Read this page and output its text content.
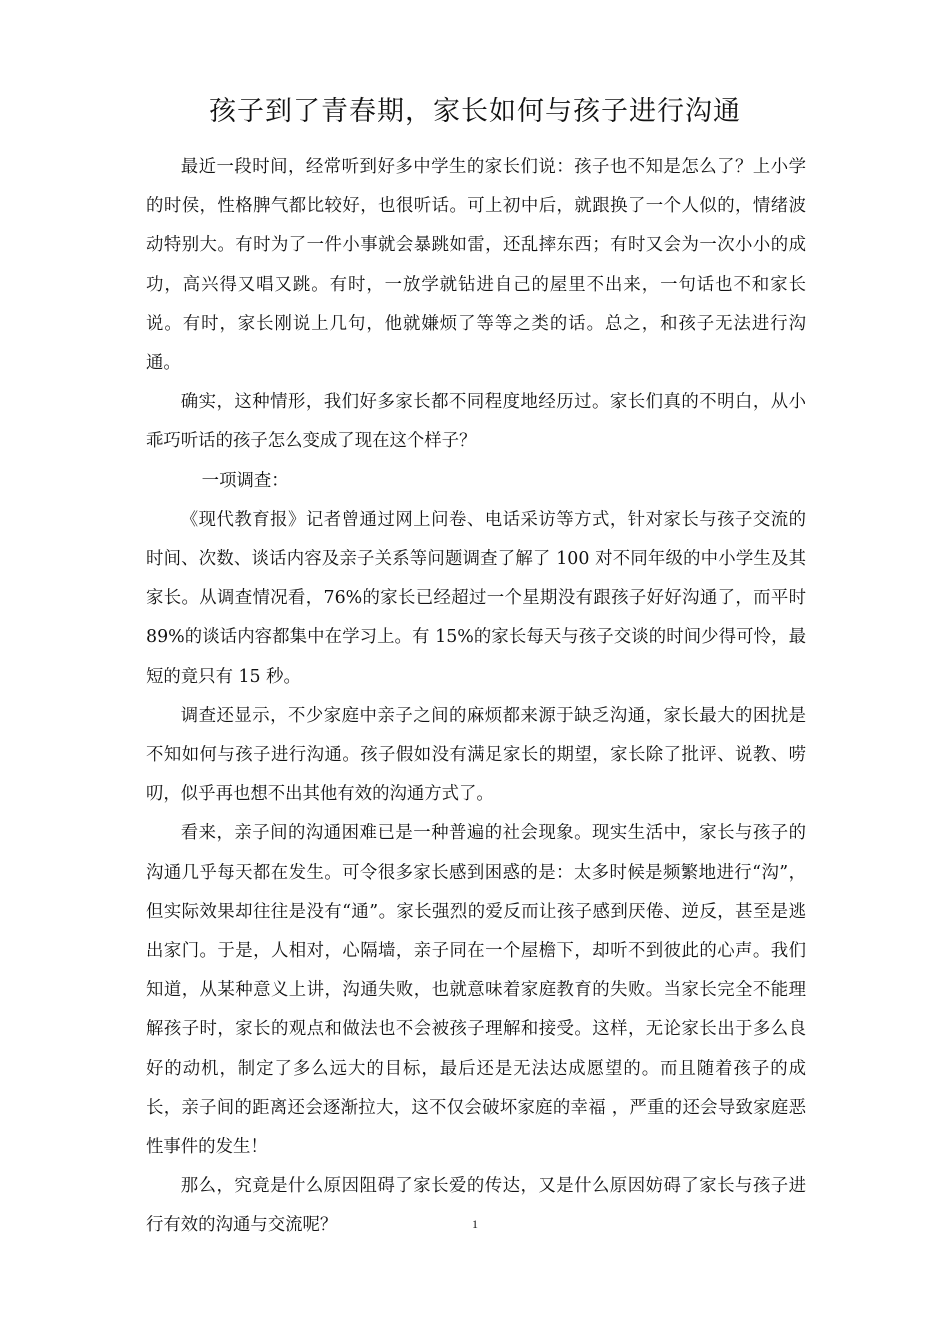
孩子到了青春期，家长如何与孩子进行沟通

最近一段时间，经常听到好多中学生的家长们说：孩子也不知是怎么了？上小学的时侯，性格脾气都比较好，也很听话。可上初中后，就跟换了一个人似的，情绪波动特别大。有时为了一件小事就会暴跳如雷，还乱摔东西；有时又会为一次小小的成功，高兴得又唱又跳。有时，一放学就钻进自己的屋里不出来，一句话也不和家长说。有时，家长刚说上几句，他就嫌烦了等等之类的话。总之，和孩子无法进行沟通。

确实，这种情形，我们好多家长都不同程度地经历过。家长们真的不明白，从小乖巧听话的孩子怎么变成了现在这个样子？

一项调查：

《现代教育报》记者曾通过网上问卷、电话采访等方式，针对家长与孩子交流的时间、次数、谈话内容及亲子关系等问题调查了解了 100 对不同年级的中小学生及其家长。从调查情况看，76%的家长已经超过一个星期没有跟孩子好好沟通了，而平时 89%的谈话内容都集中在学习上。有 15%的家长每天与孩子交谈的时间少得可怜，最短的竟只有 15 秒。

调查还显示，不少家庭中亲子之间的麻烦都来源于缺乏沟通，家长最大的困扰是不知如何与孩子进行沟通。孩子假如没有满足家长的期望，家长除了批评、说教、唠叨，似乎再也想不出其他有效的沟通方式了。

看来，亲子间的沟通困难已是一种普遍的社会现象。现实生活中，家长与孩子的沟通几乎每天都在发生。可令很多家长感到困惑的是：太多时候是频繁地进行“沟”，但实际效果却往往是没有“通”。家长强烈的爱反而让孩子感到厌倦、逆反，甚至是逃出家门。于是，人相对，心隔墙，亲子同在一个屋檐下，却听不到彼此的心声。我们知道，从某种意义上讲，沟通失败，也就意味着家庭教育的失败。当家长完全不能理解孩子时，家长的观点和做法也不会被孩子理解和接受。这样，无论家长出于多么良好的动机，制定了多么远大的目标，最后还是无法达成愿望的。而且随着孩子的成长，亲子间的距离还会逐渐拉大，这不仅会破坏家庭的幸福 ，严重的还会导致家庭恶性事件的发生！

那么，究竟是什么原因阻碍了家长爱的传达，又是什么原因妨碍了家长与孩子进行有效的沟通与交流呢？	1
